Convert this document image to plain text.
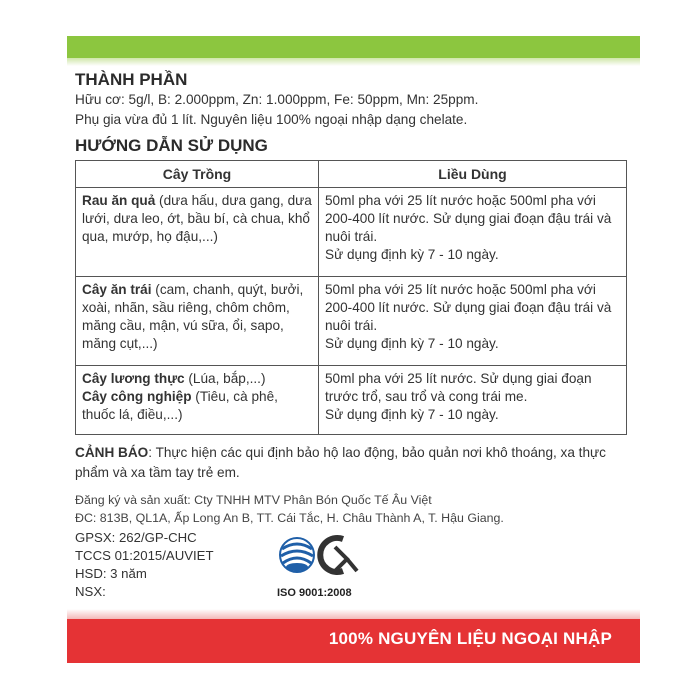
THÀNH PHẦN

Hữu cơ: 5g/l, B: 2.000ppm, Zn: 1.000ppm, Fe: 50ppm, Mn: 25ppm.

Phụ gia vừa đủ 1 lít. Nguyên liệu 100% ngoại nhập dạng chelate.

HƯỚNG DẪN SỬ DỤNG

Cây Trồng	Liều Dùng
Rau ăn quả (dưa hấu, dưa gang, dưa lưới, dưa leo, ớt, bầu bí, cà chua, khổ qua, mướp, họ đậu,...)	50ml pha với 25 lít nước hoặc 500ml pha với 200-400 lít nước. Sử dụng giai đoạn đậu trái và nuôi trái.
Sử dụng định kỳ 7 - 10 ngày.
Cây ăn trái (cam, chanh, quýt, bưởi, xoài, nhãn, sầu riêng, chôm chôm, măng cầu, mận, vú sữa, ổi, sapo, măng cụt,...)	50ml pha với 25 lít nước hoặc 500ml pha với 200-400 lít nước. Sử dụng giai đoạn đậu trái và nuôi trái.
Sử dụng định kỳ 7 - 10 ngày.
Cây lương thực (Lúa, bắp,...)
Cây công nghiệp (Tiêu, cà phê, thuốc lá, điều,...)	50ml pha với 25 lít nước. Sử dụng giai đoạn trước trổ, sau trổ và cong trái me.
Sử dụng định kỳ 7 - 10 ngày.

CẢNH BÁO: Thực hiện các qui định bảo hộ lao động, bảo quản nơi khô thoáng, xa thực phẩm và xa tầm tay trẻ em.

Đăng ký và sản xuất: Cty TNHH MTV Phân Bón Quốc Tế Âu Việt

ĐC: 813B, QL1A, Ấp Long An B, TT. Cái Tắc, H. Châu Thành A, T. Hậu Giang.

GPSX: 262/GP-CHC

TCCS 01:2015/AUVIET

HSD: 3 năm

NSX:	ISO 9001:2008
100% NGUYÊN LIỆU NGOẠI NHẬP
